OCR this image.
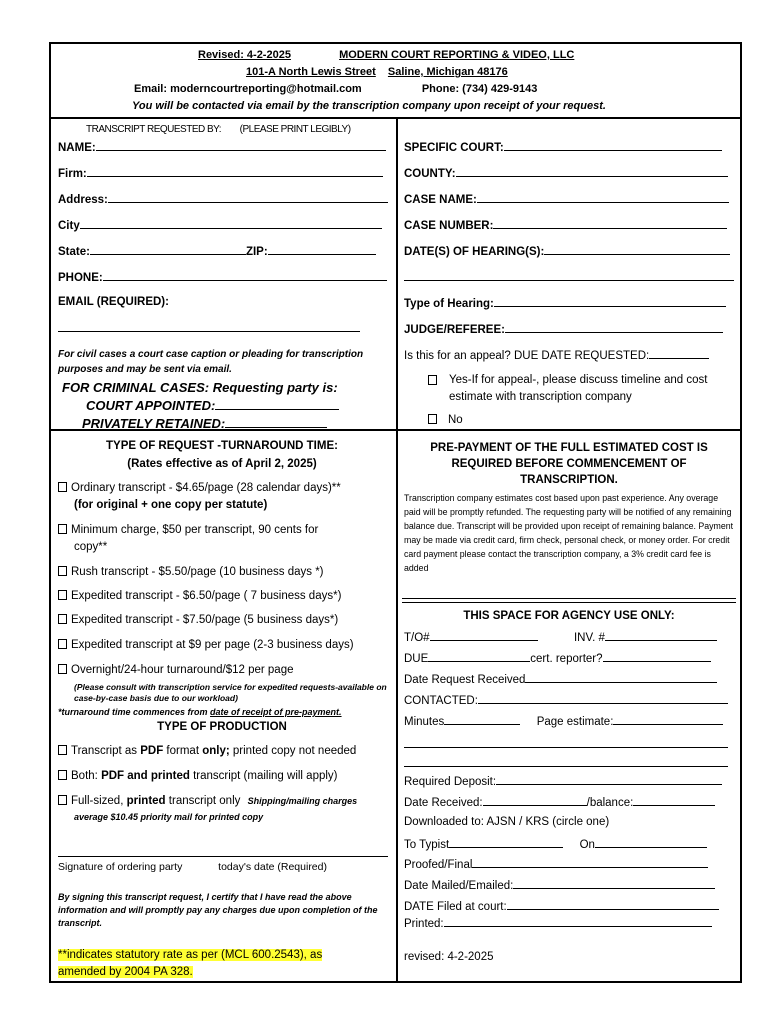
Revised: 4-2-2025	MODERN COURT REPORTING & VIDEO, LLC
101-A North Lewis Street Saline, Michigan 48176
Email: moderncourtreporting@hotmail.com	Phone: (734) 429-9143
You will be contacted via email by the transcription company upon receipt of your request.
TRANSCRIPT REQUESTED BY: (PLEASE PRINT LEGIBLY)
NAME:
Firm:
Address:
City
State:	ZIP:
PHONE:
EMAIL (REQUIRED):
For civil cases a court case caption or pleading for transcription purposes and may be sent via email.
FOR CRIMINAL CASES: Requesting party is:
COURT APPOINTED:
PRIVATELY RETAINED:
SPECIFIC COURT:
COUNTY:
CASE NAME:
CASE NUMBER:
DATE(S) OF HEARING(S):
Type of Hearing:
JUDGE/REFEREE:
Is this for an appeal? DUE DATE REQUESTED:
Yes-If for appeal-, please discuss timeline and cost estimate with transcription company
No
TYPE OF REQUEST -TURNAROUND TIME:
(Rates effective as of April 2, 2025)
Ordinary transcript - $4.65/page (28 calendar days)**
(for original + one copy per statute)
Minimum charge, $50 per transcript, 90 cents for
copy**
Rush transcript - $5.50/page (10 business days *)
Expedited transcript - $6.50/page ( 7 business days*)
Expedited transcript - $7.50/page (5 business days*)
Expedited transcript at $9 per page (2-3 business days)
Overnight/24-hour turnaround/$12 per page
(Please consult with transcription service for expedited requests-available on case-by-case basis due to our workload)
*turnaround time commences from date of receipt of pre-payment.
TYPE OF PRODUCTION
Transcript as PDF format only; printed copy not needed
Both: PDF and printed transcript (mailing will apply)
Full-sized, printed transcript only Shipping/mailing charges
average $10.45 priority mail for printed copy
Signature of ordering party	today's date (Required)
By signing this transcript request, I certify that I have read the above information and will promptly pay any charges due upon completion of the transcript.
**indicates statutory rate as per (MCL 600.2543), as
amended by 2004 PA 328.
PRE-PAYMENT OF THE FULL ESTIMATED COST IS
REQUIRED BEFORE COMMENCEMENT OF
TRANSCRIPTION.
Transcription company estimates cost based upon past experience. Any overage paid will be promptly refunded. The requesting party will be notified of any remaining balance due. Transcript will be provided upon receipt of remaining balance. Payment may be made via credit card, firm check, personal check, or money order. For credit card payment please contact the transcription company, a 3% credit card fee is added
THIS SPACE FOR AGENCY USE ONLY:
T/O#	INV. #
DUE	cert. reporter?
Date Request Received
CONTACTED:
Minutes	Page estimate:
Required Deposit:
Date Received:	/balance:
Downloaded to: AJSN / KRS (circle one)
To Typist	On
Proofed/Final
Date Mailed/Emailed:
DATE Filed at court:
Printed:
revised: 4-2-2025
